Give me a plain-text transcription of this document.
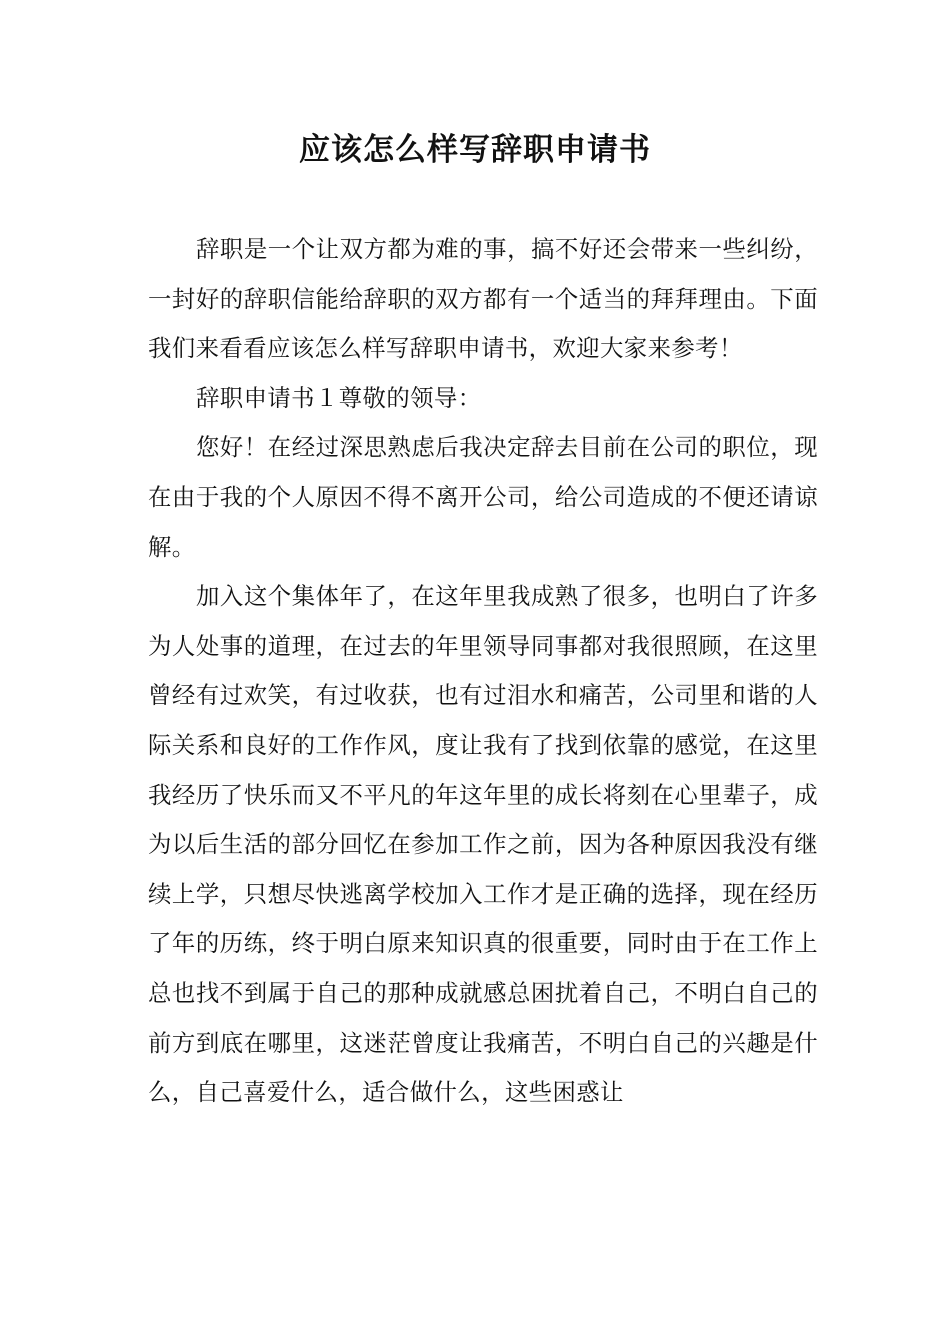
应该怎么样写辞职申请书

辞职是一个让双方都为难的事，搞不好还会带来一些纠纷，一封好的辞职信能给辞职的双方都有一个适当的拜拜理由。下面我们来看看应该怎么样写辞职申请书，欢迎大家来参考！

辞职申请书１尊敬的领导：

您好！在经过深思熟虑后我决定辞去目前在公司的职位，现在由于我的个人原因不得不离开公司，给公司造成的不便还请谅解。

加入这个集体年了，在这年里我成熟了很多，也明白了许多为人处事的道理，在过去的年里领导同事都对我很照顾，在这里曾经有过欢笑，有过收获，也有过泪水和痛苦，公司里和谐的人际关系和良好的工作作风，度让我有了找到依靠的感觉，在这里我经历了快乐而又不平凡的年这年里的成长将刻在心里辈子，成为以后生活的部分回忆在参加工作之前，因为各种原因我没有继续上学，只想尽快逃离学校加入工作才是正确的选择，现在经历了年的历练，终于明白原来知识真的很重要，同时由于在工作上总也找不到属于自己的那种成就感总困扰着自己，不明白自己的前方到底在哪里，这迷茫曾度让我痛苦，不明白自己的兴趣是什么，自己喜爱什么，适合做什么，这些困惑让
